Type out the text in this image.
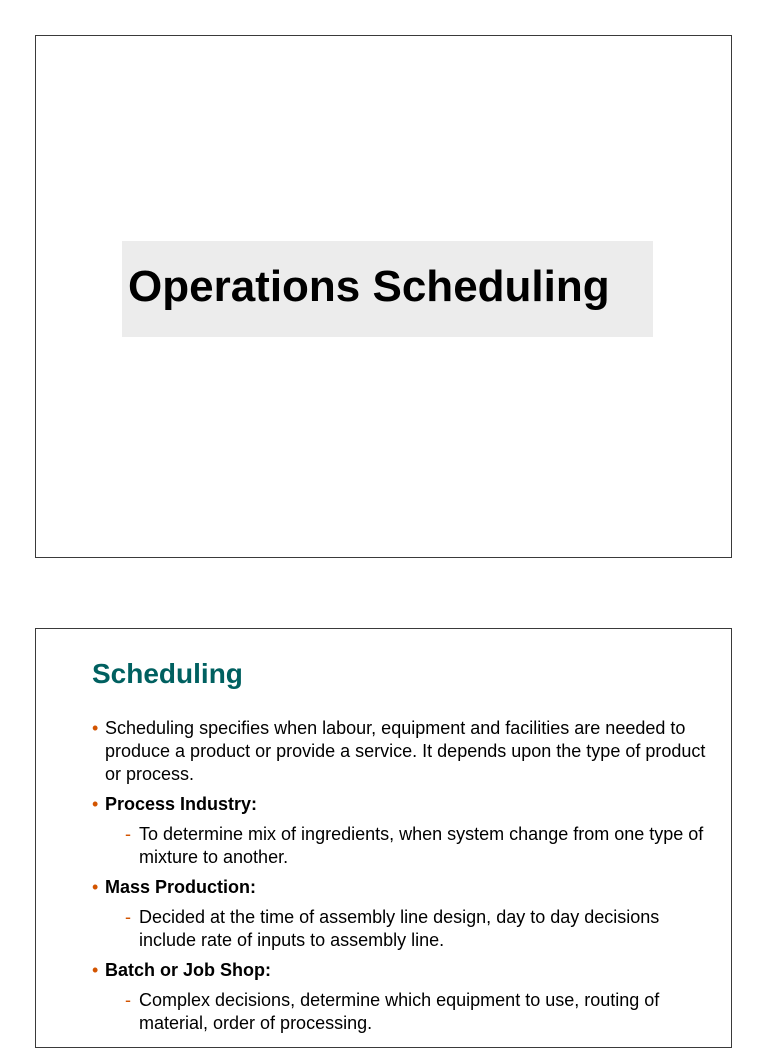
Operations Scheduling
Scheduling
• Scheduling specifies when labour, equipment and facilities are needed to produce a product or provide a service. It depends upon the type of product or process.
• Process Industry:
- To determine mix of ingredients, when system change from one type of mixture to another.
• Mass Production:
- Decided at the time of assembly line design, day to day decisions include rate of inputs to assembly line.
• Batch or Job Shop:
- Complex decisions, determine which equipment to use, routing of material, order of processing.
